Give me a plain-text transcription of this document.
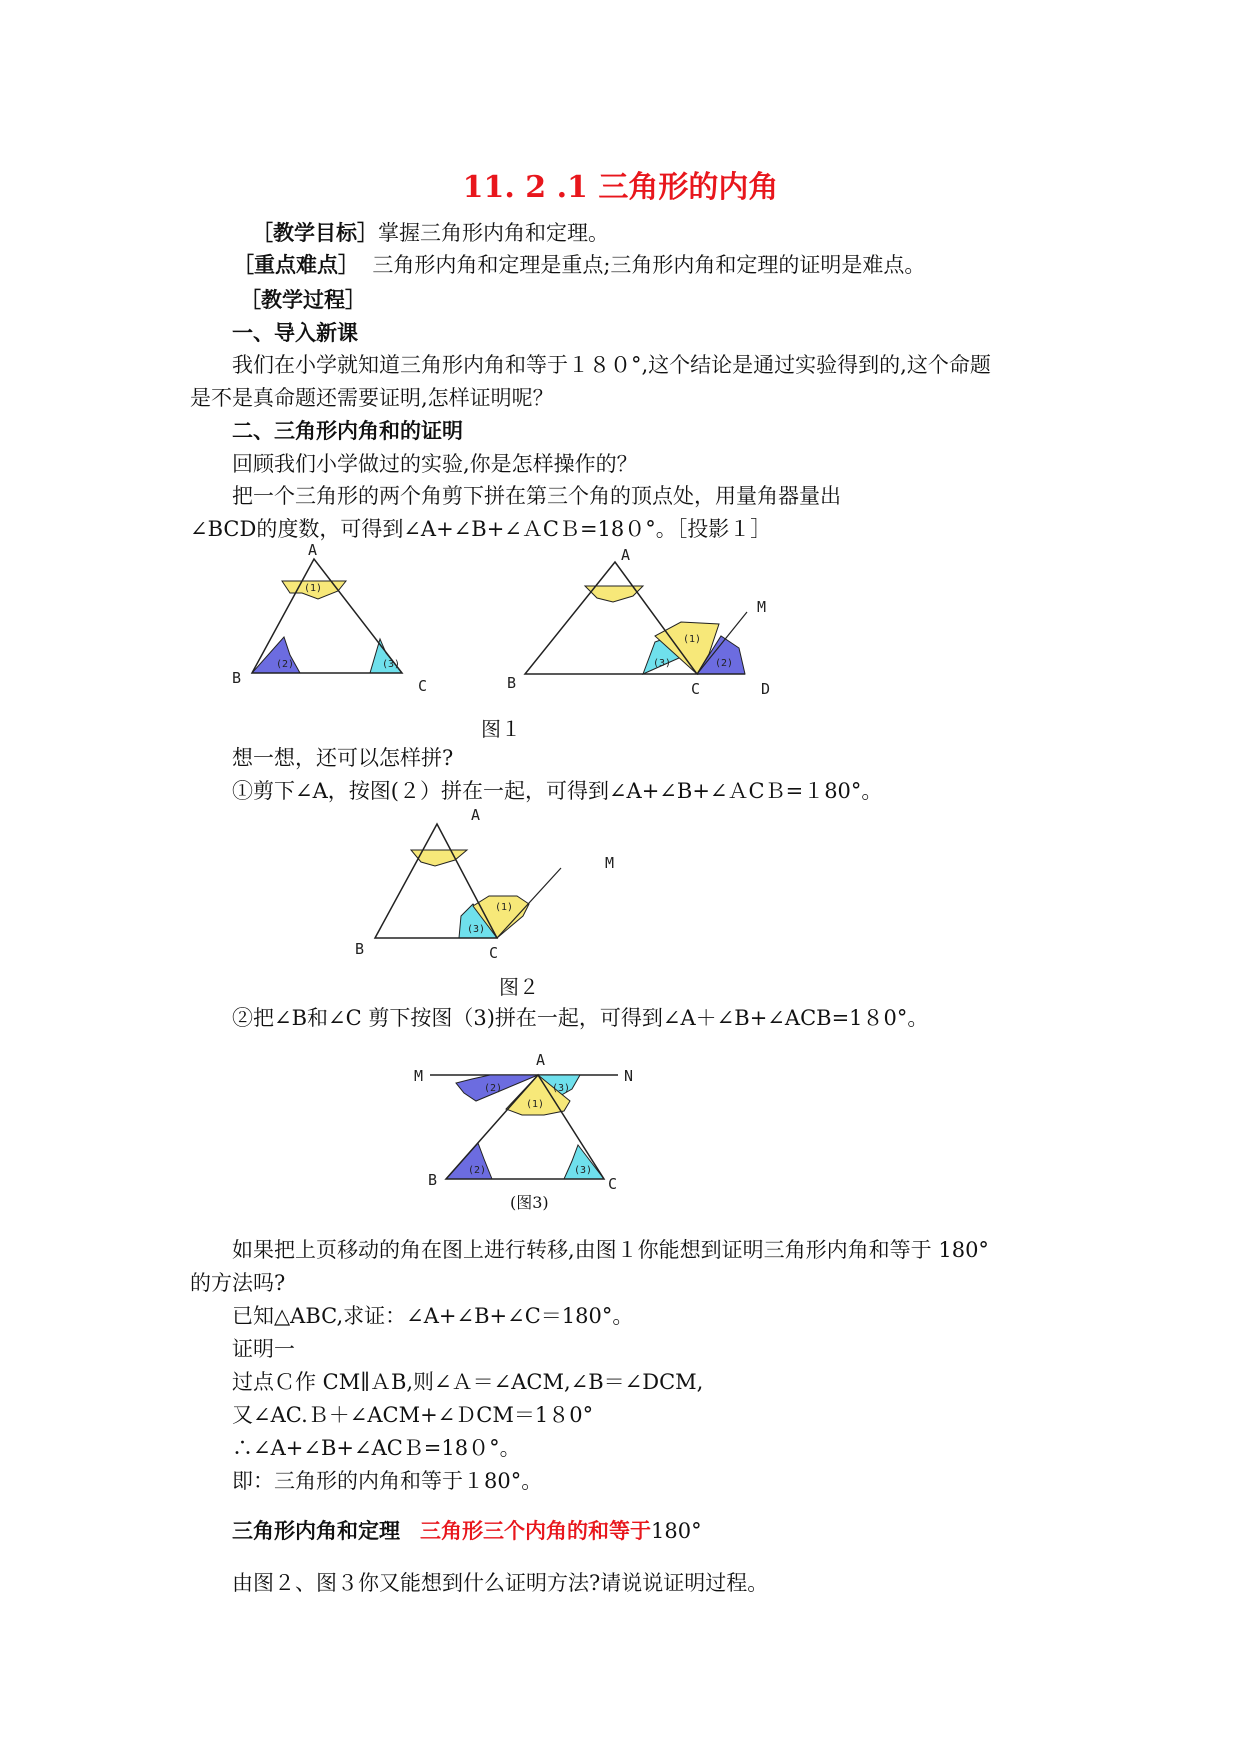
11. 2 .1 三角形的内角
［教学目标］掌握三角形内角和定理。
［重点难点］ 三角形内角和定理是重点;三角形内角和定理的证明是难点。
［教学过程］
一、导入新课
我们在小学就知道三角形内角和等于１８０°,这个结论是通过实验得到的,这个命题
是不是真命题还需要证明,怎样证明呢？
二、三角形内角和的证明
回顾我们小学做过的实验,你是怎样操作的？
把一个三角形的两个角剪下拼在第三个角的顶点处，用量角器量出
∠BCD的度数，可得到∠A+∠B+∠ＡCＢ=18０°。［投影１］
(1)
(2)	(3)
A
B	C
(1)
(3)	(2)
A
B	C	D
M
图１
想一想，还可以怎样拼?
①剪下∠A，按图(２）拼在一起，可得到∠A+∠B+∠ＡCＢ=１80°。
(1)
(3)
A
B	C
M
图２
②把∠B和∠C 剪下按图（3)拼在一起，可得到∠A＋∠B+∠ACB=1８0°。
(2)	(3)
(1)
(2)	(3)
A
M	N
B	C
(图3)
如果把上页移动的角在图上进行转移,由图１你能想到证明三角形内角和等于 180°
的方法吗?
已知△ABC,求证：∠A+∠B+∠C＝180°。
证明一
过点Ｃ作 CM∥ＡB,则∠Ａ＝∠ACM,∠B＝∠DCM,
又∠AC.Ｂ＋∠ACM+∠ＤCM＝1８0°
∴∠A+∠B+∠ACＢ=18０°。
即：三角形的内角和等于１80°。
三角形内角和定理 三角形三个内角的和等于180°
由图２、图３你又能想到什么证明方法?请说说证明过程。
